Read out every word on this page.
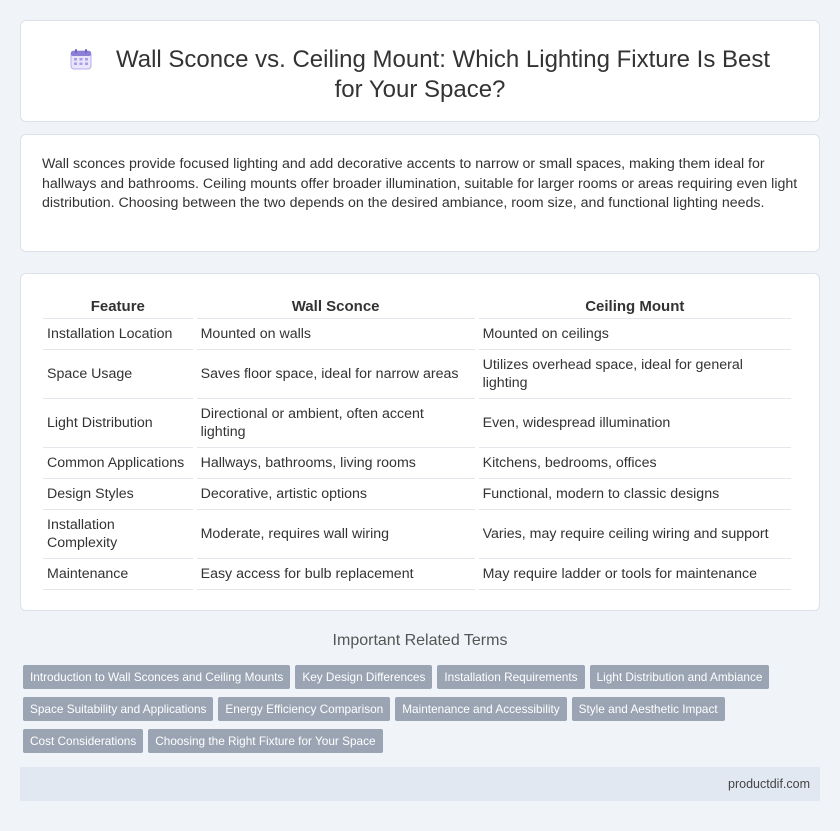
Wall Sconce vs. Ceiling Mount: Which Lighting Fixture Is Best for Your Space?

Wall sconces provide focused lighting and add decorative accents to narrow or small spaces, making them ideal for hallways and bathrooms. Ceiling mounts offer broader illumination, suitable for larger rooms or areas requiring even light distribution. Choosing between the two depends on the desired ambiance, room size, and functional lighting needs.

Feature	Wall Sconce	Ceiling Mount
Installation Location	Mounted on walls	Mounted on ceilings
Space Usage	Saves floor space, ideal for narrow areas	Utilizes overhead space, ideal for general lighting
Light Distribution	Directional or ambient, often accent lighting	Even, widespread illumination
Common Applications	Hallways, bathrooms, living rooms	Kitchens, bedrooms, offices
Design Styles	Decorative, artistic options	Functional, modern to classic designs
Installation Complexity	Moderate, requires wall wiring	Varies, may require ceiling wiring and support
Maintenance	Easy access for bulb replacement	May require ladder or tools for maintenance
Important Related Terms
Introduction to Wall Sconces and Ceiling Mounts Key Design Differences Installation Requirements Light Distribution and Ambiance
Space Suitability and Applications Energy Efficiency Comparison Maintenance and Accessibility Style and Aesthetic Impact
Cost Considerations Choosing the Right Fixture for Your Space
productdif.com
